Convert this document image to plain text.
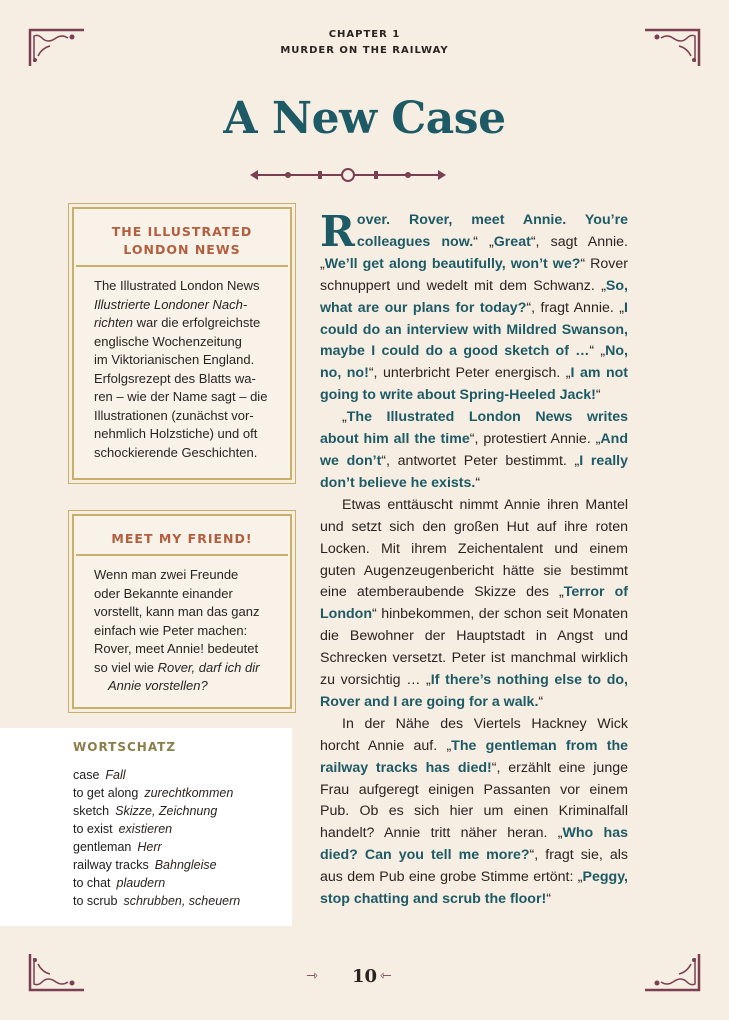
CHAPTER 1
MURDER ON THE RAILWAY
A New Case
THE ILLUSTRATED
LONDON NEWS
The Illustrated London News
Illustrierte Londoner Nach-
richten war die erfolgreichste
englische Wochenzeitung
im Viktorianischen England.
Erfolgsrezept des Blatts wa-
ren – wie der Name sagt – die
Illustrationen (zunächst vor-
nehmlich Holzstiche) und oft
schockierende Geschichten.
MEET MY FRIEND!
Wenn man zwei Freunde
oder Bekannte einander
vorstellt, kann man das ganz
einfach wie Peter machen:
Rover, meet Annie! bedeutet
so viel wie Rover, darf ich dir
Annie vorstellen?
WORTSCHATZ
case Fall
to get along zurechtkommen
sketch Skizze, Zeichnung
to exist existieren
gentleman Herr
railway tracks Bahngleise
to chat plaudern
to scrub schrubben, scheuern

Rover. Rover, meet Annie. You’re colleagues now.“ „Great“, sagt Annie. „We’ll get along beautifully, won’t we?“ Rover schnuppert und wedelt mit dem Schwanz. „So, what are our plans for today?“, fragt Annie. „I could do an interview with Mildred Swanson, maybe I could do a good sketch of …“ „No, no, no!“, unterbricht Peter energisch. „I am not going to write about Spring-Heeled Jack!“

„The Illustrated London News writes about him all the time“, protestiert Annie. „And we don’t“, antwortet Peter bestimmt. „I really don’t believe he exists.“

Etwas enttäuscht nimmt Annie ihren Mantel und setzt sich den großen Hut auf ihre roten Locken. Mit ihrem Zeichentalent und einem guten Augenzeugenbericht hätte sie bestimmt eine atemberaubende Skizze des „Terror of London“ hinbekommen, der schon seit Monaten die Bewohner der Hauptstadt in Angst und Schrecken versetzt. Peter ist manchmal wirklich zu vorsichtig … „If there’s nothing else to do, Rover and I are going for a walk.“

In der Nähe des Viertels Hackney Wick horcht Annie auf. „The gentleman from the railway tracks has died!“, erzählt eine junge Frau aufgeregt einigen Passanten vor einem Pub. Ob es sich hier um einen Kriminalfall handelt? Annie tritt näher heran. „Who has died? Can you tell me more?“, fragt sie, als aus dem Pub eine grobe Stimme ertönt: „Peggy, stop chatting and scrub the floor!“

⇾	10 ⇽
